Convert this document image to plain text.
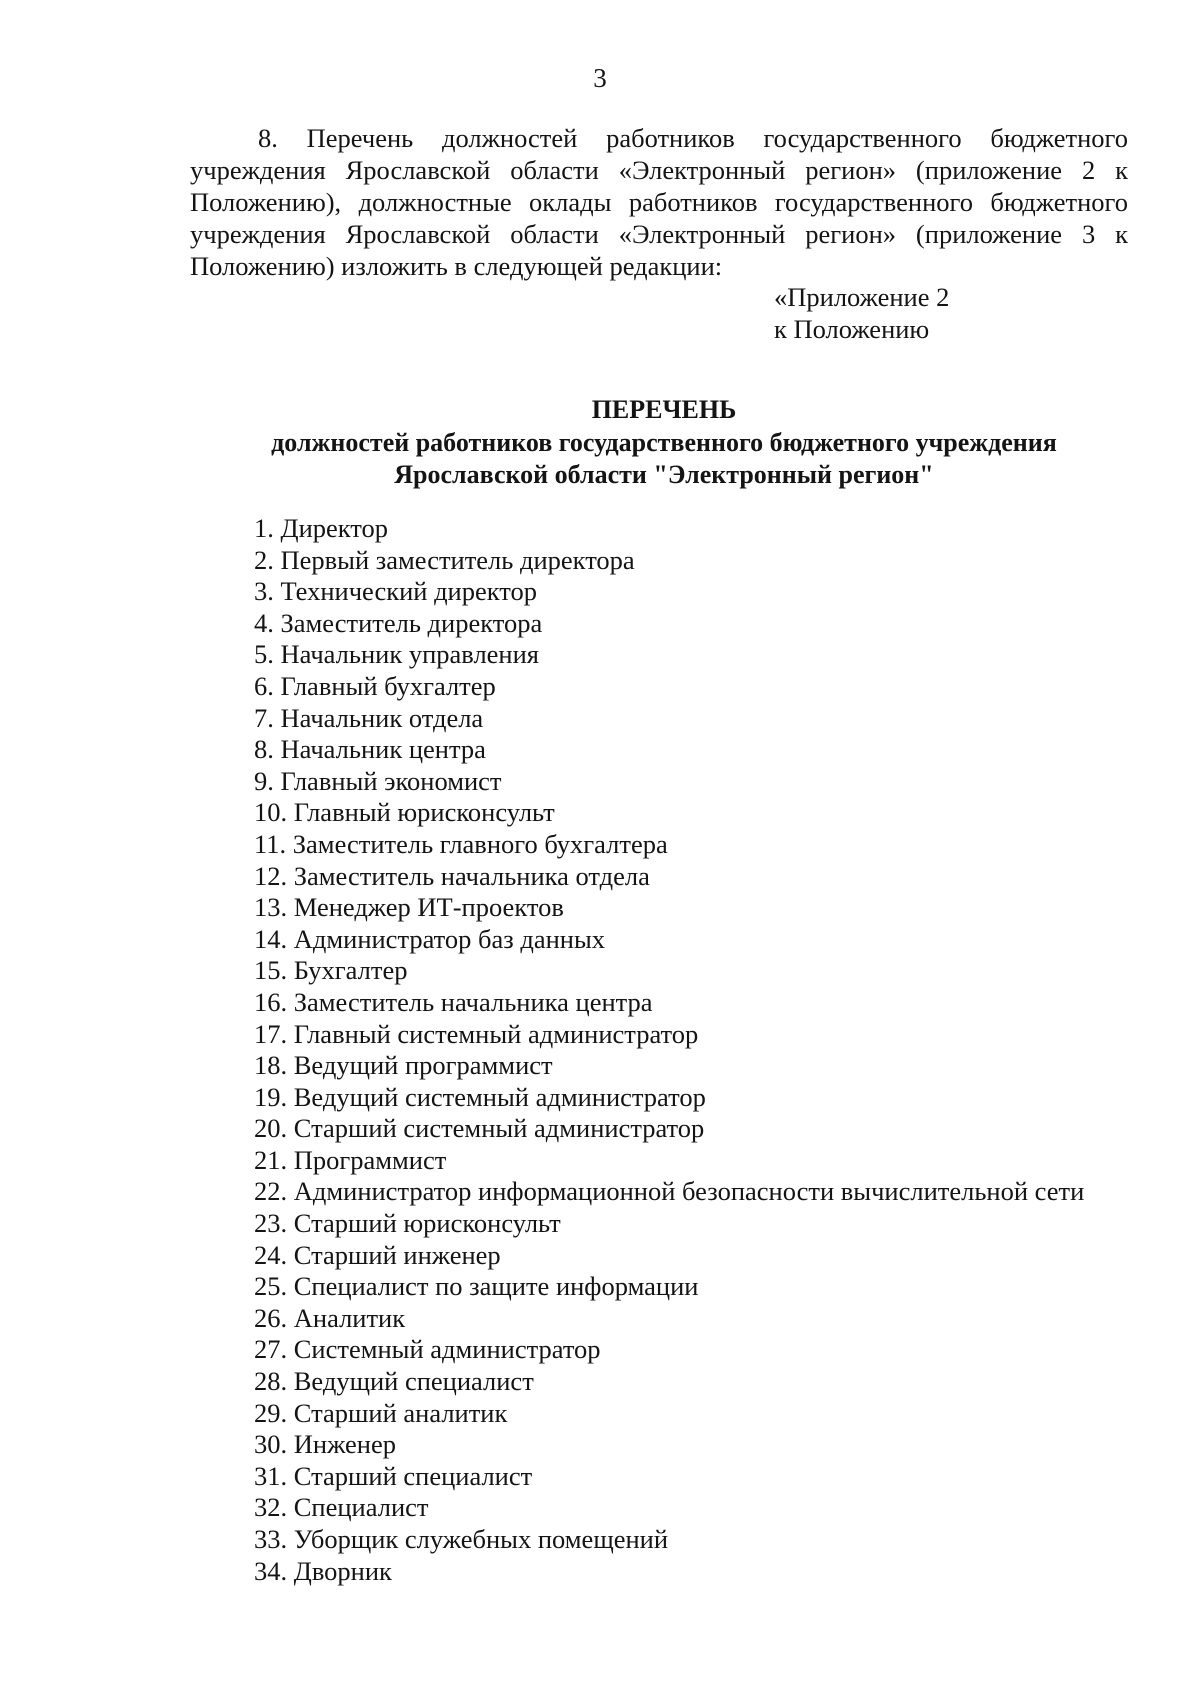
3

8. Перечень должностей работников государственного бюджетного учреждения Ярославской области «Электронный регион» (приложение 2 к Положению), должностные оклады работников государственного бюджетного учреждения Ярославской области «Электронный регион» (приложение 3 к Положению) изложить в следующей редакции:

«Приложение 2
к Положению
ПЕРЕЧЕНЬ
должностей работников государственного бюджетного учреждения
Ярославской области "Электронный регион"
1. Директор
2. Первый заместитель директора
3. Технический директор
4. Заместитель директора
5. Начальник управления
6. Главный бухгалтер
7. Начальник отдела
8. Начальник центра
9. Главный экономист
10. Главный юрисконсульт
11. Заместитель главного бухгалтера
12. Заместитель начальника отдела
13. Менеджер ИТ-проектов
14. Администратор баз данных
15. Бухгалтер
16. Заместитель начальника центра
17. Главный системный администратор
18. Ведущий программист
19. Ведущий системный администратор
20. Старший системный администратор
21. Программист
22. Администратор информационной безопасности вычислительной сети
23. Старший юрисконсульт
24. Старший инженер
25. Специалист по защите информации
26. Аналитик
27. Системный администратор
28. Ведущий специалист
29. Старший аналитик
30. Инженер
31. Старший специалист
32. Специалист
33. Уборщик служебных помещений
34. Дворник
